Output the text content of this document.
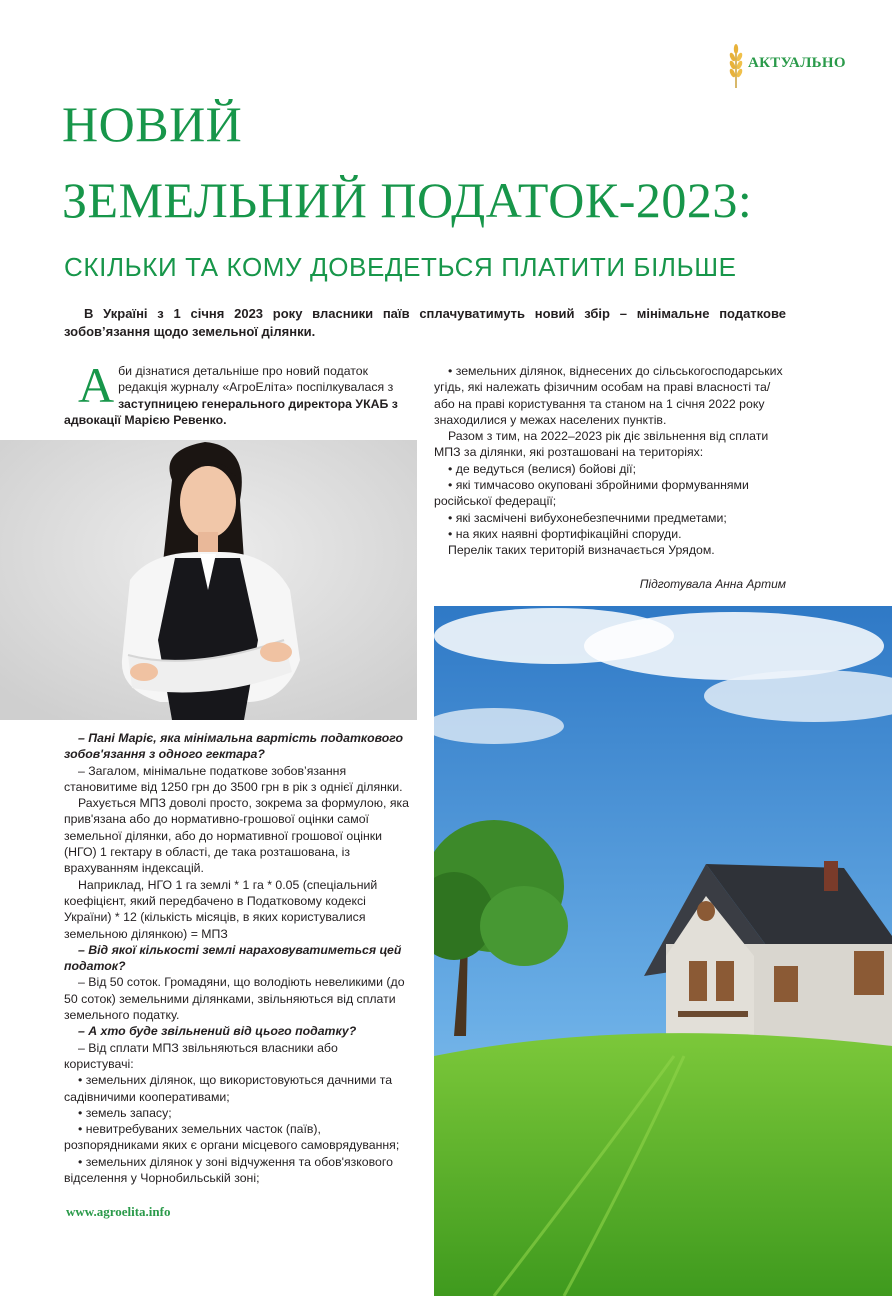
АКТУАЛЬНО
НОВИЙ
ЗЕМЕЛЬНИЙ ПОДАТОК-2023:
СКІЛЬКИ ТА КОМУ ДОВЕДЕТЬСЯ ПЛАТИТИ БІЛЬШЕ

В Україні з 1 січня 2023 року власники паїв сплачуватимуть новий збір – мінімальне податкове зобов’язання щодо земельної ділянки.

Аби дізнатися детальніше про новий податок редакція журналу «АгроЕліта» поспілкувалася з заступницею генерального директора УКАБ з адвокації Марією Ревенко.

– Пані Маріє, яка мінімальна вартість податкового зобов'язання з одного гектара?

– Загалом, мінімальне податкове зобов’язання становитиме від 1250 грн до 3500 грн в рік з однієї ділянки.

Рахується МПЗ доволі просто, зокрема за формулою, яка прив'язана або до нормативно-грошової оцінки самої земельної ділянки, або до нормативної грошової оцінки (НГО) 1 гектару в області, де така розташована, із врахуванням індексацій.

Наприклад, НГО 1 га землі * 1 га * 0.05 (спеціальний коефіцієнт, який передбачено в Податковому кодексі України) * 12 (кількість місяців, в яких користувалися земельною ділянкою) = МПЗ

– Від якої кількості землі нараховуватиметься цей податок?

– Від 50 соток. Громадяни, що володіють невеликими (до 50 соток) земельними ділянками, звільняються від сплати земельного податку.

– А хто буде звільнений від цього податку?

– Від сплати МПЗ звільняються власники або користувачі:

• земельних ділянок, що використовуються дачними та садівничими кооперативами;

• земель запасу;

• невитребуваних земельних часток (паїв), розпорядниками яких є органи місцевого самоврядування;

• земельних ділянок у зоні відчуження та обов'язкового відселення у Чорнобильській зоні;

• земельних ділянок, віднесених до сільськогосподарських угідь, які належать фізичним особам на праві власності та/або на праві користування та станом на 1 січня 2022 року знаходилися у межах населених пунктів.

Разом з тим, на 2022–2023 рік діє звільнення від сплати МПЗ за ділянки, які розташовані на територіях:

• де ведуться (велися) бойові дії;

• які тимчасово окуповані збройними формуваннями російської федерації;

• які засмічені вибухонебезпечними предметами;

• на яких наявні фортифікаційні споруди.

Перелік таких територій визначається Урядом.

Підготувала Анна Артим
www.agroelita.info
